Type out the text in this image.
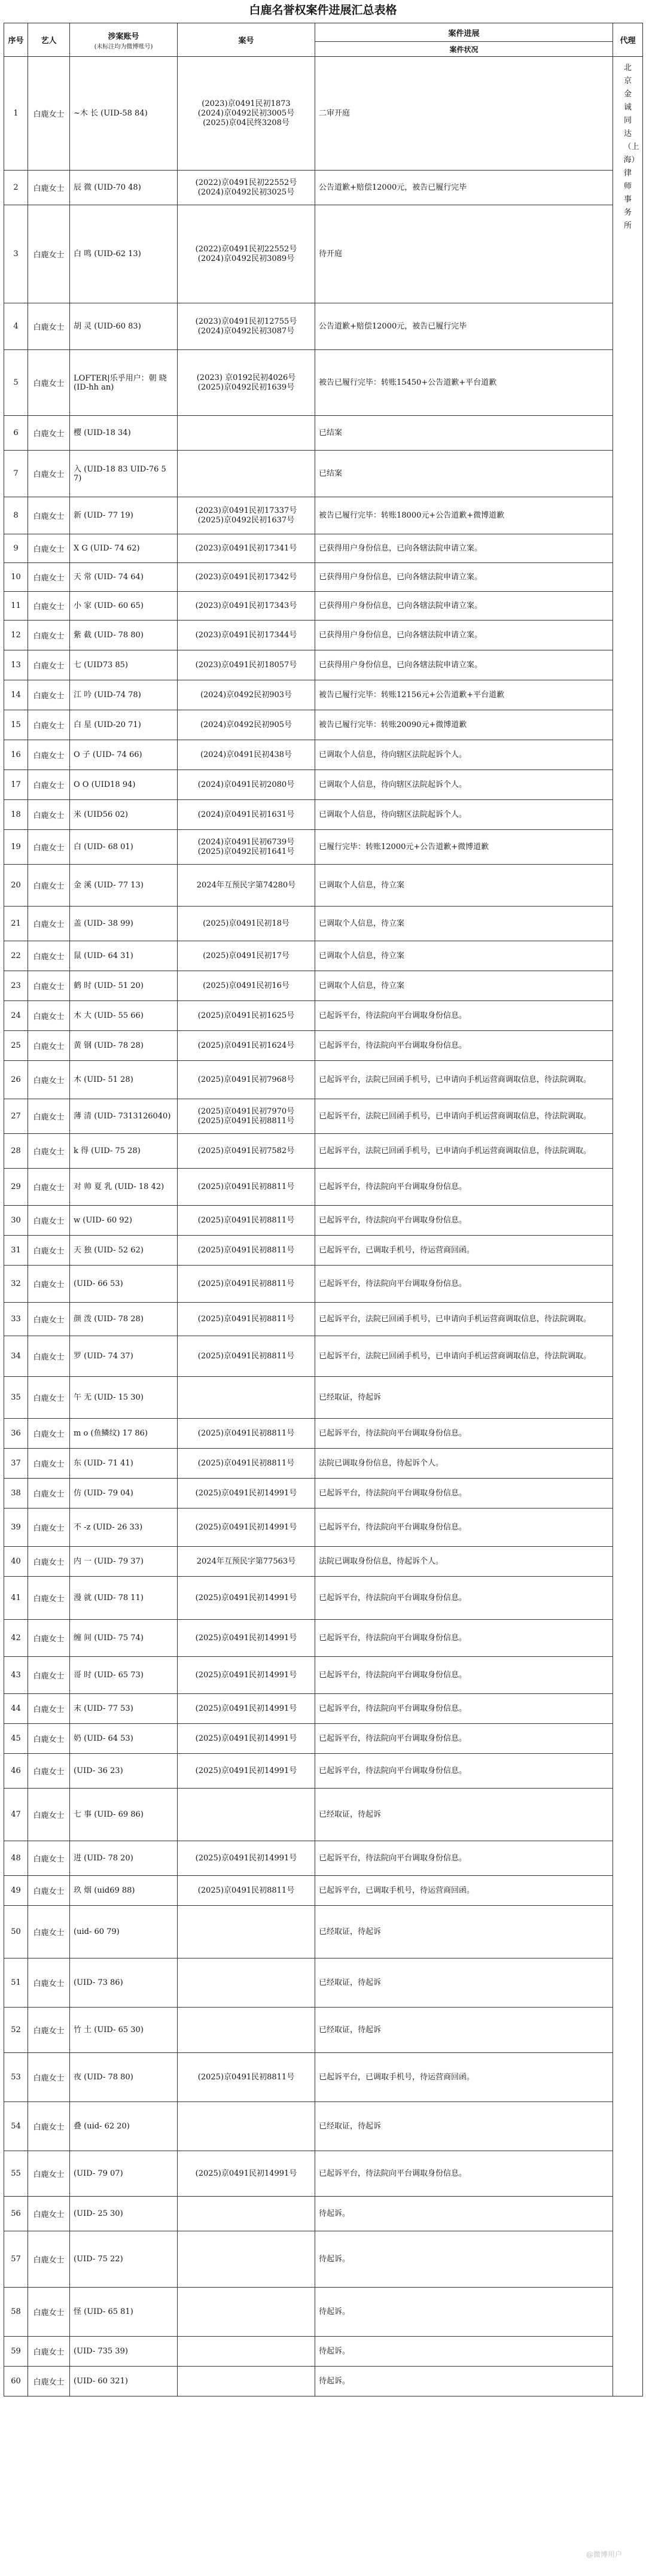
白鹿名誉权案件进展汇总表格
序号	艺人	涉案账号
(未标注均为微博账号)	案号	案件进展	代理
				案件状况	
1	白鹿女士	~木 长 (UID-58 84)	(2023)京0491民初1873
(2024)京0492民初3005号
(2025)京04民终3208号	二审开庭	北京金诚同达（上海）律师事务所
2	白鹿女士	辰 微 (UID-70 48)	(2022)京0491民初22552号
(2024)京0492民初3025号	公告道歉+赔偿12000元，被告已履行完毕	
3	白鹿女士	白 鸣 (UID-62 13)	(2022)京0491民初22552号
(2024)京0492民初3089号	待开庭	
4	白鹿女士	胡 灵 (UID-60 83)	(2023)京0491民初12755号
(2024)京0492民初3087号	公告道歉+赔偿12000元，被告已履行完毕	
5	白鹿女士	LOFTER|乐乎用户：朝 晓 (ID-hh an)	(2023) 京0192民初4026号
(2025)京0492民初1639号	被告已履行完毕：转账15450+公告道歉+平台道歉	
6	白鹿女士	樱 (UID-18 34)		已结案	
7	白鹿女士	入 (UID-18 83 UID-76 57)		已结案	
8	白鹿女士	新 (UID- 77 19)	(2023)京0491民初17337号
(2025)京0492民初1637号	被告已履行完毕：转账18000元+公告道歉+微博道歉	
9	白鹿女士	X G (UID- 74 62)	(2023)京0491民初17341号	已获得用户身份信息，已向各辖法院申请立案。	
10	白鹿女士	天 常 (UID- 74 64)	(2023)京0491民初17342号	已获得用户身份信息，已向各辖法院申请立案。	
11	白鹿女士	小 家 (UID- 60 65)	(2023)京0491民初17343号	已获得用户身份信息，已向各辖法院申请立案。	
12	白鹿女士	紫 截 (UID- 78 80)	(2023)京0491民初17344号	已获得用户身份信息，已向各辖法院申请立案。	
13	白鹿女士	七 (UID73 85)	(2023)京0491民初18057号	已获得用户身份信息，已向各辖法院申请立案。	
14	白鹿女士	江 吟 (UID-74 78)	(2024)京0492民初903号	被告已履行完毕：转账12156元+公告道歉+平台道歉	
15	白鹿女士	白 星 (UID-20 71)	(2024)京0492民初905号	被告已履行完毕：转账20090元+微博道歉	
16	白鹿女士	O 子 (UID- 74 66)	(2024)京0491民初438号	已调取个人信息，待向辖区法院起诉个人。	
17	白鹿女士	O O (UID18 94)	(2024)京0491民初2080号	已调取个人信息，待向辖区法院起诉个人。	
18	白鹿女士	米 (UID56 02)	(2024)京0491民初1631号	已调取个人信息，待向辖区法院起诉个人。	
19	白鹿女士	白 (UID- 68 01)	(2024)京0491民初6739号
(2025)京0492民初1641号	已履行完毕：转账12000元+公告道歉+微博道歉	
20	白鹿女士	金 溪 (UID- 77 13)	2024年互预民字第74280号	已调取个人信息，待立案	
21	白鹿女士	盖 (UID- 38 99)	(2025)京0491民初18号	已调取个人信息，待立案	
22	白鹿女士	鼠 (UID- 64 31)	(2025)京0491民初17号	已调取个人信息，待立案	
23	白鹿女士	鹤 时 (UID- 51 20)	(2025)京0491民初16号	已调取个人信息，待立案	
24	白鹿女士	木 大 (UID- 55 66)	(2025)京0491民初1625号	已起诉平台，待法院向平台调取身份信息。	
25	白鹿女士	黄 钢 (UID- 78 28)	(2025)京0491民初1624号	已起诉平台，待法院向平台调取身份信息。	
26	白鹿女士	木 (UID- 51 28)	(2025)京0491民初7968号	已起诉平台，法院已回函手机号，已申请向手机运营商调取信息，待法院调取。	
27	白鹿女士	薄 清 (UID- 7313126040)	(2025)京0491民初7970号
(2025)京0491民初8811号	已起诉平台，法院已回函手机号，已申请向手机运营商调取信息，待法院调取。	
28	白鹿女士	k 得 (UID- 75 28)	(2025)京0491民初7582号	已起诉平台，法院已回函手机号，已申请向手机运营商调取信息，待法院调取。	
29	白鹿女士	对 帅 夏 乳 (UID- 18 42)	(2025)京0491民初8811号	已起诉平台，待法院向平台调取身份信息。	
30	白鹿女士	w (UID- 60 92)	(2025)京0491民初8811号	已起诉平台，待法院向平台调取身份信息。	
31	白鹿女士	天 独 (UID- 52 62)	(2025)京0491民初8811号	已起诉平台，已调取手机号，待运营商回函。	
32	白鹿女士	(UID- 66 53)	(2025)京0491民初8811号	已起诉平台，待法院向平台调取身份信息。	
33	白鹿女士	颜 泼 (UID- 78 28)	(2025)京0491民初8811号	已起诉平台，法院已回函手机号，已申请向手机运营商调取信息，待法院调取。	
34	白鹿女士	罗 (UID- 74 37)	(2025)京0491民初8811号	已起诉平台，法院已回函手机号，已申请向手机运营商调取信息，待法院调取。	
35	白鹿女士	午 无 (UID- 15 30)		已经取证，待起诉	
36	白鹿女士	m o (鱼鳞纹) 17 86)	(2025)京0491民初8811号	已起诉平台，待法院向平台调取身份信息。	
37	白鹿女士	东 (UID- 71 41)	(2025)京0491民初8811号	法院已调取身份信息，待起诉个人。	
38	白鹿女士	仿 (UID- 79 04)	(2025)京0491民初14991号	已起诉平台，待法院向平台调取身份信息。	
39	白鹿女士	不 -z (UID- 26 33)	(2025)京0491民初14991号	已起诉平台，待法院向平台调取身份信息。	
40	白鹿女士	内 一 (UID- 79 37)	2024年互预民字第77563号	法院已调取身份信息，待起诉个人。	
41	白鹿女士	漫 就 (UID- 78 11)	(2025)京0491民初14991号	已起诉平台，待法院向平台调取身份信息。	
42	白鹿女士	缠 间 (UID- 75 74)	(2025)京0491民初14991号	已起诉平台，待法院向平台调取身份信息。	
43	白鹿女士	哥 时 (UID- 65 73)	(2025)京0491民初14991号	已起诉平台，待法院向平台调取身份信息。	
44	白鹿女士	末 (UID- 77 53)	(2025)京0491民初14991号	已起诉平台，待法院向平台调取身份信息。	
45	白鹿女士	奶 (UID- 64 53)	(2025)京0491民初14991号	已起诉平台，待法院向平台调取身份信息。	
46	白鹿女士	(UID- 36 23)	(2025)京0491民初14991号	已起诉平台，待法院向平台调取身份信息。	
47	白鹿女士	七 事 (UID- 69 86)		已经取证，待起诉	
48	白鹿女士	进 (UID- 78 20)	(2025)京0491民初14991号	已起诉平台，待法院向平台调取身份信息。	
49	白鹿女士	玖 烟 (uid69 88)	(2025)京0491民初8811号	已起诉平台，已调取手机号，待运营商回函。	
50	白鹿女士	(uid- 60 79)		已经取证，待起诉	
51	白鹿女士	(UID- 73 86)		已经取证，待起诉	
52	白鹿女士	竹 土 (UID- 65 30)		已经取证，待起诉	
53	白鹿女士	夜 (UID- 78 80)	(2025)京0491民初8811号	已起诉平台，已调取手机号，待运营商回函。	
54	白鹿女士	叠 (uid- 62 20)		已经取证，待起诉	
55	白鹿女士	(UID- 79 07)	(2025)京0491民初14991号	已起诉平台，待法院向平台调取身份信息。	
56	白鹿女士	(UID- 25 30)		待起诉。	
57	白鹿女士	(UID- 75 22)		待起诉。	
58	白鹿女士	怪 (UID- 65 81)		待起诉。	
59	白鹿女士	(UID- 735 39)		待起诉。	
60	白鹿女士	(UID- 60 321)		待起诉。	
@微博用户
